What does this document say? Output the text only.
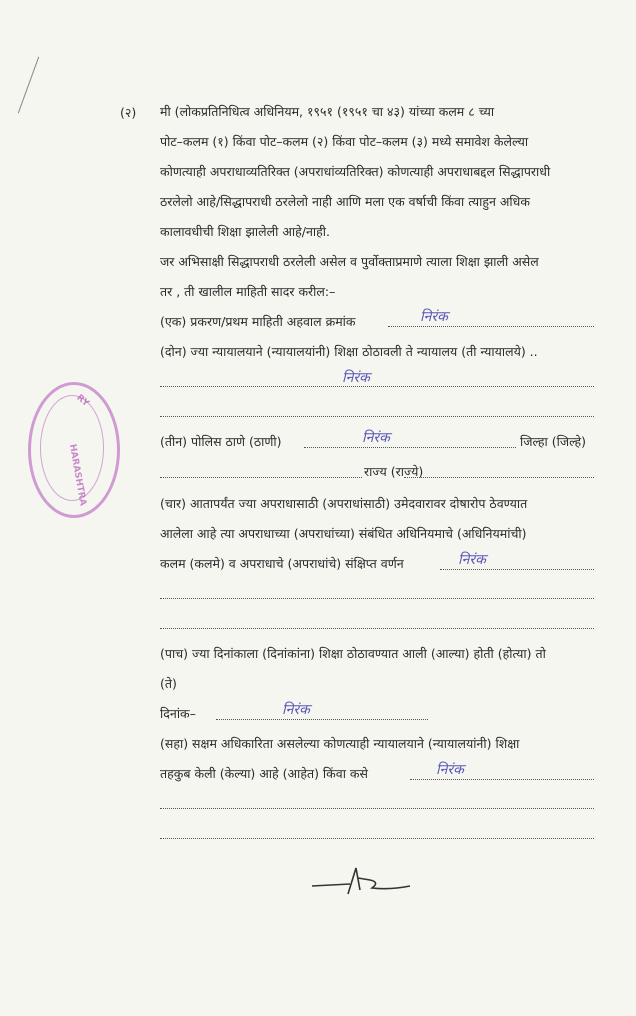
RY
HARASHTRA
(२) मी (लोकप्रतिनिधित्व अधिनियम, १९५१ (१९५१ चा ४३) यांच्या कलम ८ च्या
पोट–कलम (१) किंवा पोट–कलम (२) किंवा पोट–कलम (३) मध्ये समावेश केलेल्या
कोणत्याही अपराधाव्यतिरिक्त (अपराधांव्यतिरिक्त) कोणत्याही अपराधाबद्दल सिद्धापराधी
ठरलेलो आहे/सिद्धापराधी ठरलेलो नाही आणि मला एक वर्षाची किंवा त्याहुन अधिक
कालावधीची शिक्षा झालेली आहे/नाही.
जर अभिसाक्षी सिद्धापराधी ठरलेली असेल व पुर्वोक्ताप्रमाणे त्याला शिक्षा झाली असेल
तर , ती खालील माहिती सादर करील:–
(एक) प्रकरण/प्रथम माहिती अहवाल क्रमांक	निरंक
(दोन) ज्या न्यायालयाने (न्यायालयांनी) शिक्षा ठोठावली ते न्यायालय (ती न्यायालये) ..
निरंक
(तीन) पोलिस ठाणे (ठाणी)	निरंक	जिल्हा (जिल्हे)
राज्य (राज्ये)
(चार) आतापर्यंत ज्या अपराधासाठी (अपराधांसाठी) उमेदवारावर दोषारोप ठेवण्यात
आलेला आहे त्या अपराधाच्या (अपराधांच्या) संबंधित अधिनियमाचे (अधिनियमांची)
कलम (कलमे) व अपराधाचे (अपराधांचे) संक्षिप्त वर्णन	निरंक
(पाच) ज्या दिनांकाला (दिनांकांना) शिक्षा ठोठावण्यात आली (आल्या) होती (होत्या) तो
(ते)
दिनांक–	निरंक
(सहा) सक्षम अधिकारिता असलेल्या कोणत्याही न्यायालयाने (न्यायालयांनी) शिक्षा
तहकुब केली (केल्या) आहे (आहेत) किंवा कसे	निरंक
